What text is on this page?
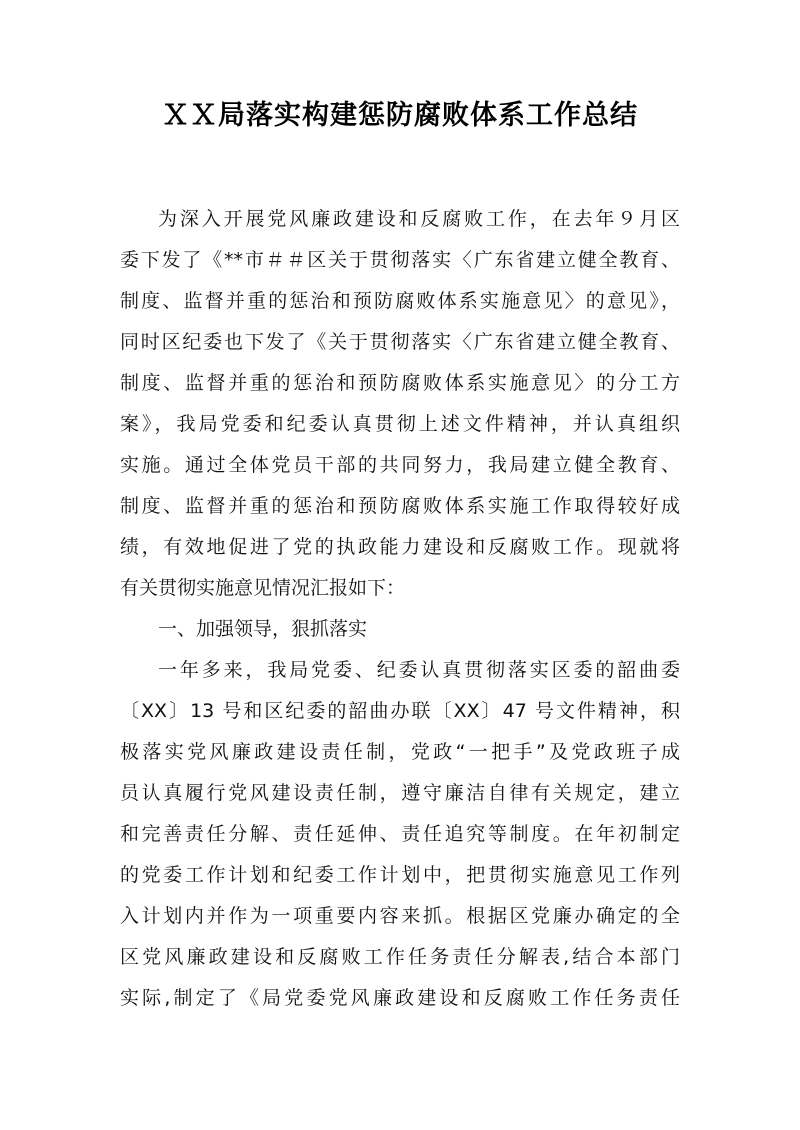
ＸＸ局落实构建惩防腐败体系工作总结
为深入开展党风廉政建设和反腐败工作，在去年９月区
委下发了《**市＃＃区关于贯彻落实〈广东省建立健全教育、
制度、监督并重的惩治和预防腐败体系实施意见〉的意见》，
同时区纪委也下发了《关于贯彻落实〈广东省建立健全教育、
制度、监督并重的惩治和预防腐败体系实施意见〉的分工方
案》，我局党委和纪委认真贯彻上述文件精神，并认真组织
实施。通过全体党员干部的共同努力，我局建立健全教育、
制度、监督并重的惩治和预防腐败体系实施工作取得较好成
绩，有效地促进了党的执政能力建设和反腐败工作。现就将
有关贯彻实施意见情况汇报如下：
一、加强领导，狠抓落实
一年多来，我局党委、纪委认真贯彻落实区委的韶曲委
〔XX〕13 号和区纪委的韶曲办联〔XX〕47 号文件精神，积
极落实党风廉政建设责任制，党政“一把手”及党政班子成
员认真履行党风建设责任制，遵守廉洁自律有关规定，建立
和完善责任分解、责任延伸、责任追究等制度。在年初制定
的党委工作计划和纪委工作计划中，把贯彻实施意见工作列
入计划内并作为一项重要内容来抓。根据区党廉办确定的全
区党风廉政建设和反腐败工作任务责任分解表,结合本部门
实际,制定了《局党委党风廉政建设和反腐败工作任务责任
